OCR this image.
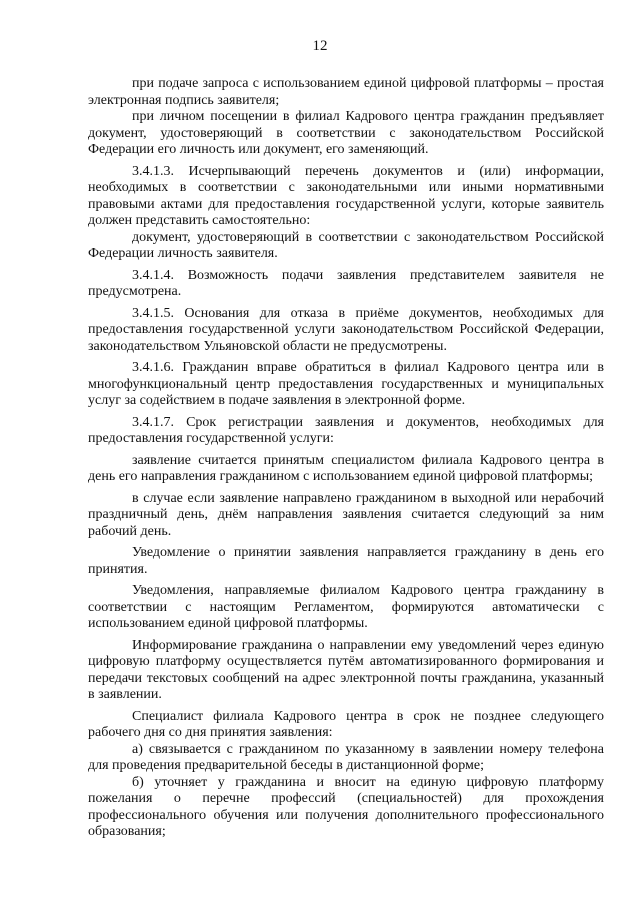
12

при подаче запроса с использованием единой цифровой платформы – простая электронная подпись заявителя;

при личном посещении в филиал Кадрового центра гражданин предъявляет документ, удостоверяющий в соответствии с законодательством Российской Федерации его личность или документ, его заменяющий.

3.4.1.3. Исчерпывающий перечень документов и (или) информации, необходимых в соответствии с законодательными или иными нормативными правовыми актами для предоставления государственной услуги, которые заявитель должен представить самостоятельно:

документ, удостоверяющий в соответствии с законодательством Российской Федерации личность заявителя.

3.4.1.4. Возможность подачи заявления представителем заявителя не предусмотрена.

3.4.1.5. Основания для отказа в приёме документов, необходимых для предоставления государственной услуги законодательством Российской Федерации, законодательством Ульяновской области не предусмотрены.

3.4.1.6. Гражданин вправе обратиться в филиал Кадрового центра или в многофункциональный центр предоставления государственных и муниципальных услуг за содействием в подаче заявления в электронной форме.

3.4.1.7. Срок регистрации заявления и документов, необходимых для предоставления государственной услуги:

заявление считается принятым специалистом филиала Кадрового центра в день его направления гражданином с использованием единой цифровой платформы;

в случае если заявление направлено гражданином в выходной или нерабочий праздничный день, днём направления заявления считается следующий за ним рабочий день.

Уведомление о принятии заявления направляется гражданину в день его принятия.

Уведомления, направляемые филиалом Кадрового центра гражданину в соответствии с настоящим Регламентом, формируются автоматически с использованием единой цифровой платформы.

Информирование гражданина о направлении ему уведомлений через единую цифровую платформу осуществляется путём автоматизированного формирования и передачи текстовых сообщений на адрес электронной почты гражданина, указанный в заявлении.

Специалист филиала Кадрового центра в срок не позднее следующего рабочего дня со дня принятия заявления:

а) связывается с гражданином по указанному в заявлении номеру телефона для проведения предварительной беседы в дистанционной форме;

б) уточняет у гражданина и вносит на единую цифровую платформу пожелания о перечне профессий (специальностей) для прохождения профессионального обучения или получения дополнительного профессионального образования;
